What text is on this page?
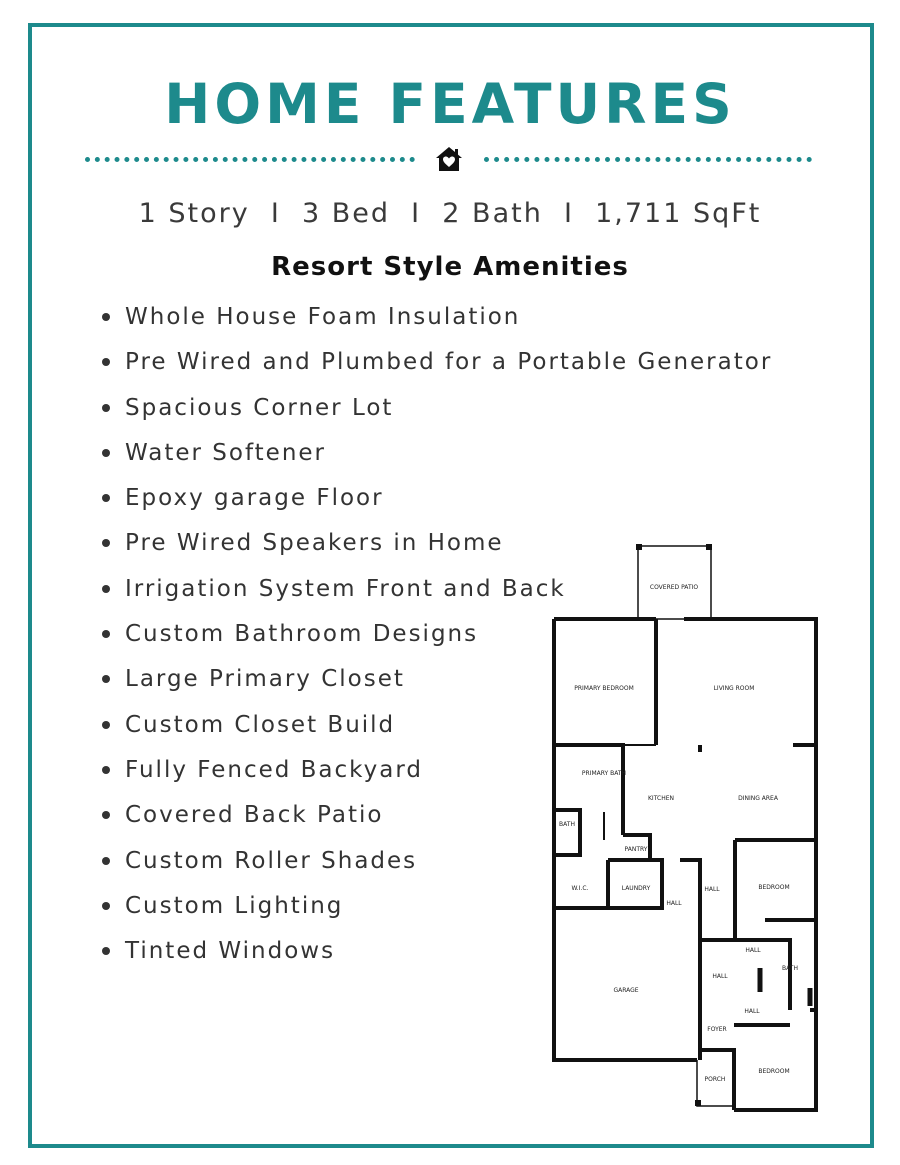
HOME FEATURES
1 Story  I  3 Bed  I  2 Bath  I  1,711 SqFt
Resort Style Amenities
Whole House Foam Insulation
Pre Wired and Plumbed for a Portable Generator
Spacious Corner Lot
Water Softener
Epoxy garage Floor
Pre Wired Speakers in Home
Irrigation System Front and Back
Custom Bathroom Designs
Large Primary Closet
Custom Closet Build
Fully Fenced Backyard
Covered Back Patio
Custom Roller Shades
Custom Lighting
Tinted Windows
COVERED PATIO
PRIMARY BEDROOM	LIVING ROOM
PRIMARY BATH
KITCHEN	DINING AREA
BATH
PANTRY
W.I.C.	LAUNDRY	HALL
HALL
BEDROOM
HALL
HALL
BATH
GARAGE
HALL
FOYER
BEDROOM
PORCH
